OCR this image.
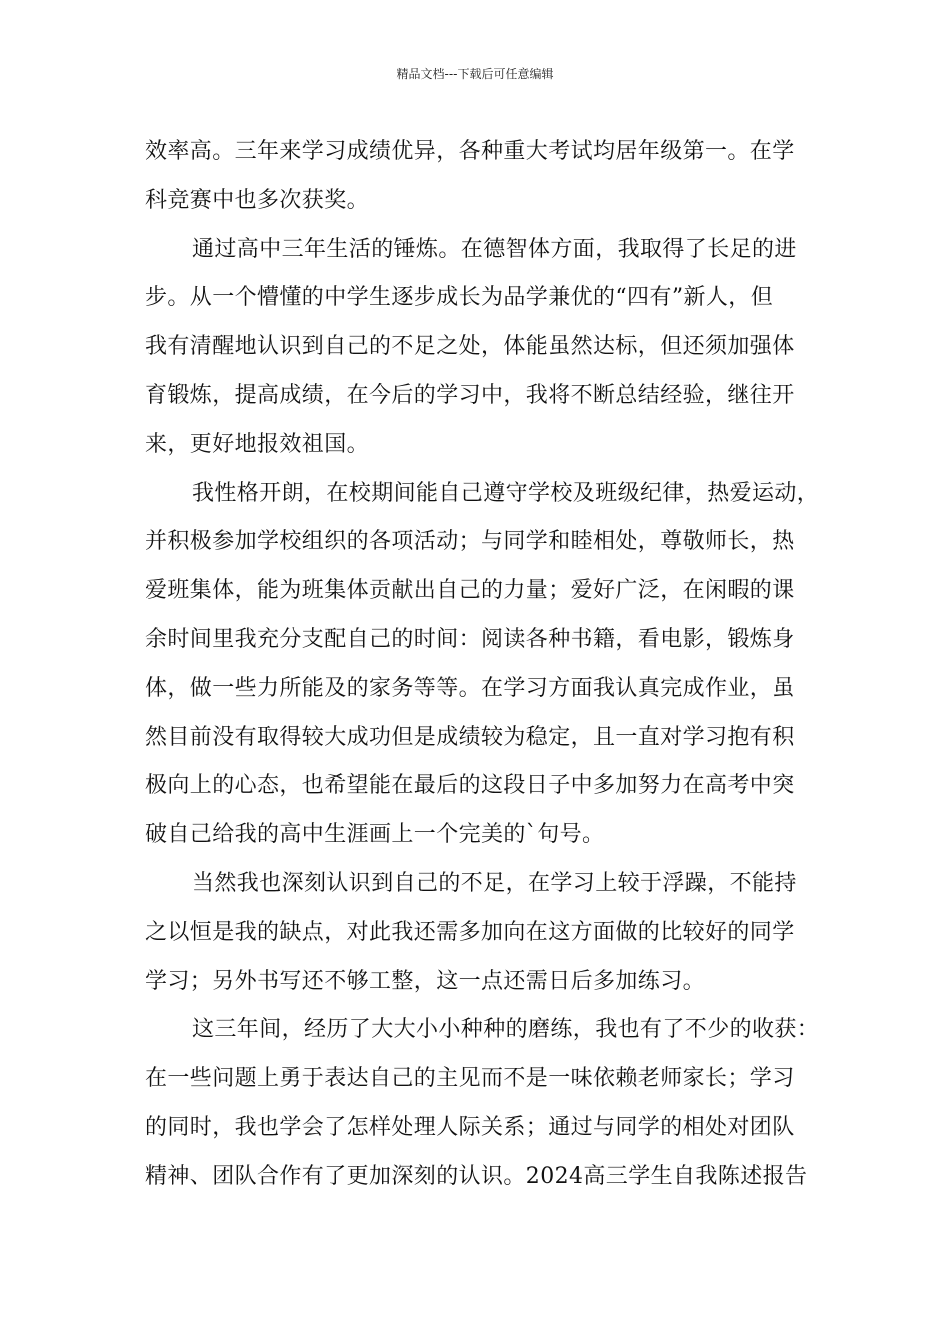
精品文档---下载后可任意编辑
效率高。三年来学习成绩优异，各种重大考试均居年级第一。在学
科竞赛中也多次获奖。
通过高中三年生活的锤炼。在德智体方面，我取得了长足的进
步。从一个懵懂的中学生逐步成长为品学兼优的“四有”新人，但
我有清醒地认识到自己的不足之处，体能虽然达标，但还须加强体
育锻炼，提高成绩，在今后的学习中，我将不断总结经验，继往开
来，更好地报效祖国。
我性格开朗，在校期间能自己遵守学校及班级纪律，热爱运动，
并积极参加学校组织的各项活动；与同学和睦相处，尊敬师长，热
爱班集体，能为班集体贡献出自己的力量；爱好广泛，在闲暇的课
余时间里我充分支配自己的时间：阅读各种书籍，看电影，锻炼身
体，做一些力所能及的家务等等。在学习方面我认真完成作业，虽
然目前没有取得较大成功但是成绩较为稳定，且一直对学习抱有积
极向上的心态，也希望能在最后的这段日子中多加努力在高考中突
破自己给我的高中生涯画上一个完美的`句号。
当然我也深刻认识到自己的不足，在学习上较于浮躁，不能持
之以恒是我的缺点，对此我还需多加向在这方面做的比较好的同学
学习；另外书写还不够工整，这一点还需日后多加练习。
这三年间，经历了大大小小种种的磨练，我也有了不少的收获：
在一些问题上勇于表达自己的主见而不是一味依赖老师家长；学习
的同时，我也学会了怎样处理人际关系；通过与同学的相处对团队
精神、团队合作有了更加深刻的认识。2024高三学生自我陈述报告
